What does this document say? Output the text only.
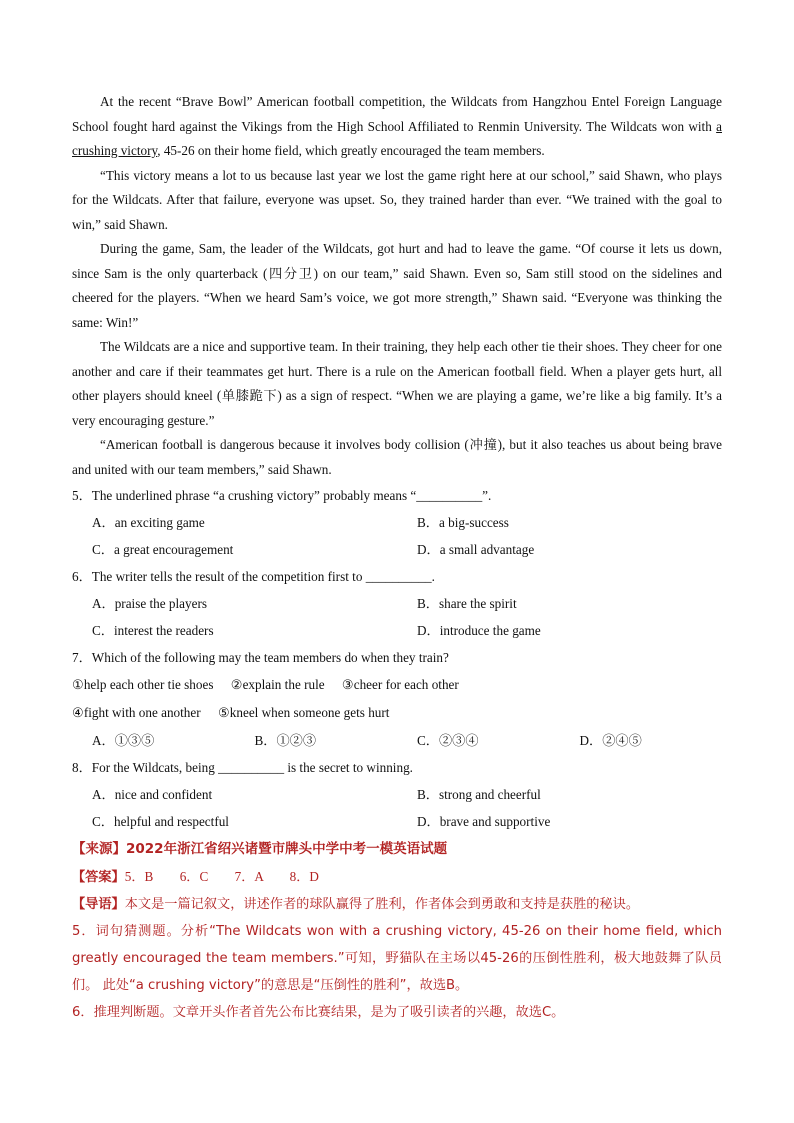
At the recent “Brave Bowl” American football competition, the Wildcats from Hangzhou Entel Foreign Language School fought hard against the Vikings from the High School Affiliated to Renmin University. The Wildcats won with a crushing victory, 45-26 on their home field, which greatly encouraged the team members.

“This victory means a lot to us because last year we lost the game right here at our school,” said Shawn, who plays for the Wildcats. After that failure, everyone was upset. So, they trained harder than ever. “We trained with the goal to win,” said Shawn.

During the game, Sam, the leader of the Wildcats, got hurt and had to leave the game. “Of course it lets us down, since Sam is the only quarterback (四分卫) on our team,” said Shawn. Even so, Sam still stood on the sidelines and cheered for the players. “When we heard Sam’s voice, we got more strength,” Shawn said. “Everyone was thinking the same: Win!”

The Wildcats are a nice and supportive team. In their training, they help each other tie their shoes. They cheer for one another and care if their teammates get hurt. There is a rule on the American football field. When a player gets hurt, all other players should kneel (单膝跪下) as a sign of respect. “When we are playing a game, we’re like a big family. It’s a very encouraging gesture.”

“American football is dangerous because it involves body collision (冲撞), but it also teaches us about being brave and united with our team members,” said Shawn.

5．The underlined phrase “a crushing victory” probably means “__________”.

A．an exciting game	B．a big-success
C．a great encouragement	D．a small advantage

6．The writer tells the result of the competition first to __________.

A．praise the players	B．share the spirit
C．interest the readers	D．introduce the game

7．Which of the following may the team members do when they train?

①help each other tie shoes ②explain the rule ③cheer for each other
④fight with one another ⑤kneel when someone gets hurt
A．①③⑤	B．①②③	C．②③④	D．②④⑤

8．For the Wildcats, being __________ is the secret to winning.

A．nice and confident	B．strong and cheerful
C．helpful and respectful	D．brave and supportive
【来源】2022年浙江省绍兴诸暨市牌头中学中考一模英语试题

【答案】5．B　　6．C　　7．A　　8．D

【导语】本文是一篇记叙文，讲述作者的球队赢得了胜利，作者体会到勇敢和支持是获胜的秘诀。

5．词句猜测题。分析“The Wildcats won with a crushing victory, 45-26 on their home field, which greatly encouraged the team members.”可知，野猫队在主场以45-26的压倒性胜利，极大地鼓舞了队员们。 此处“a crushing victory”的意思是“压倒性的胜利”，故选B。

6．推理判断题。文章开头作者首先公布比赛结果，是为了吸引读者的兴趣，故选C。
